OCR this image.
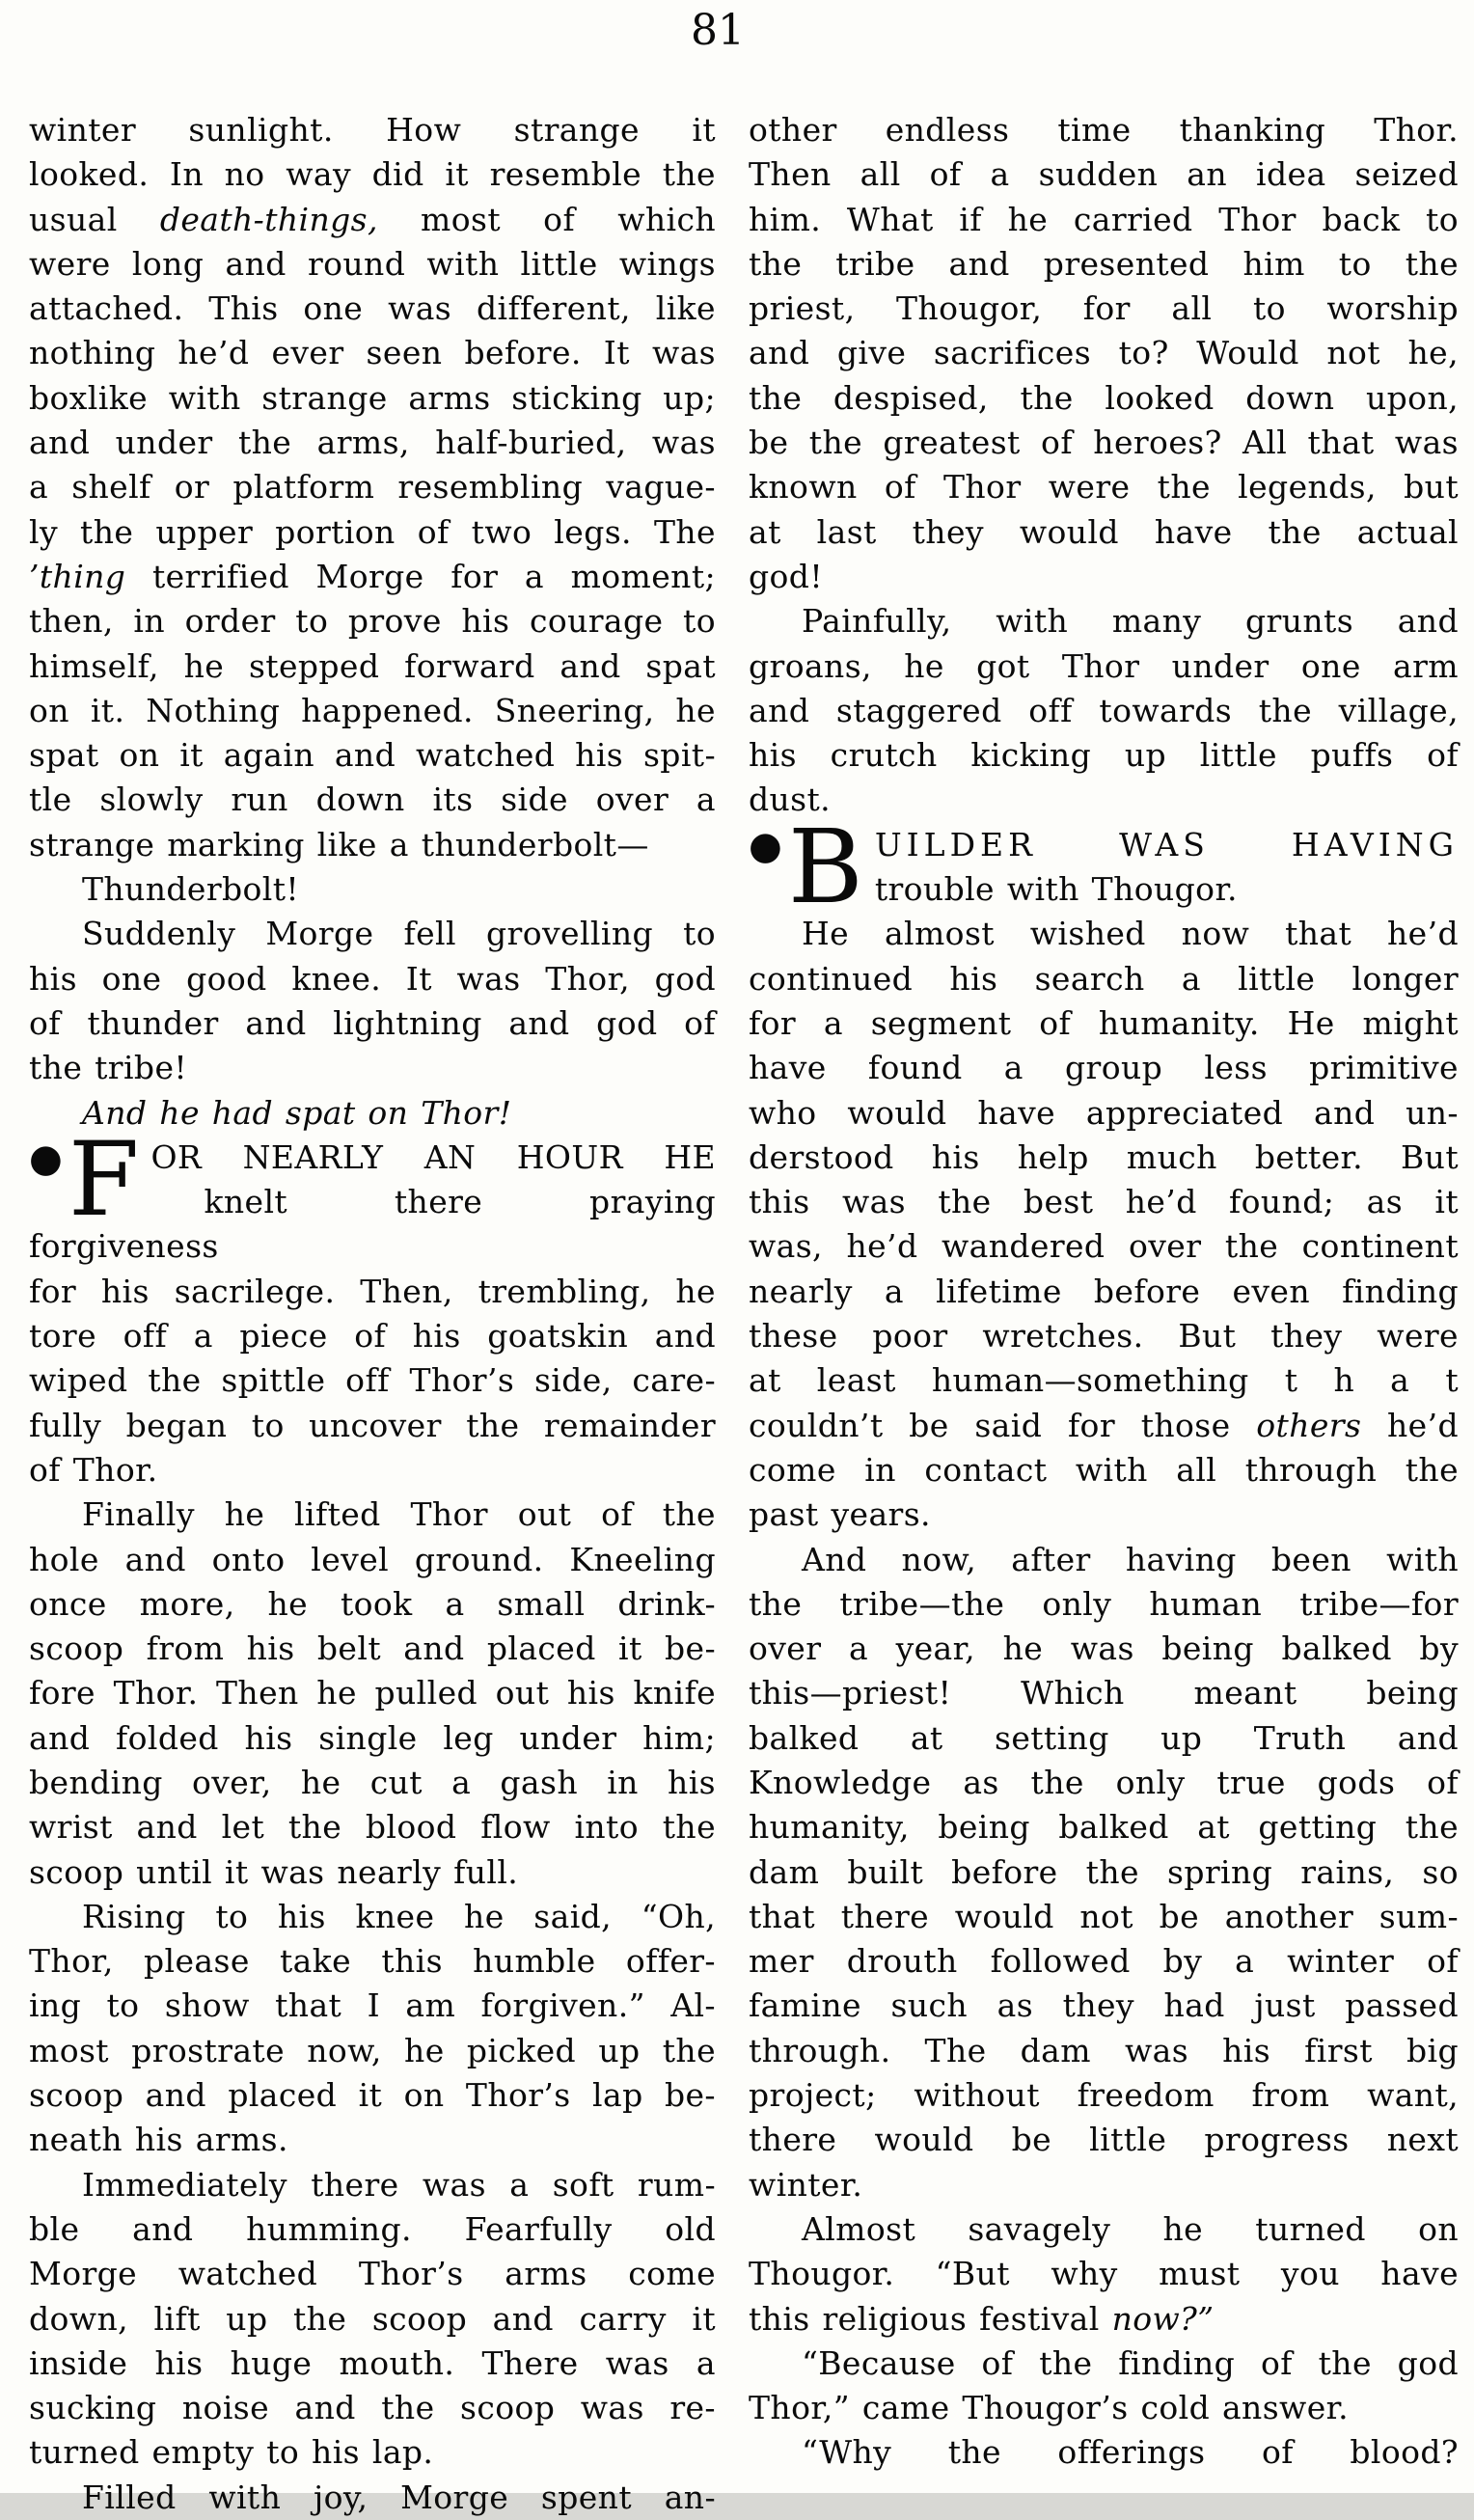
81
winter sunlight. How strange it
looked. In no way did it resemble the
usual death-things, most of which
were long and round with little wings
attached. This one was different, like
nothing he’d ever seen before. It was
boxlike with strange arms sticking up;
and under the arms, half-buried, was
a shelf or platform resembling vague-
ly the upper portion of two legs. The
’thing terrified Morge for a moment;
then, in order to prove his courage to
himself, he stepped forward and spat
on it. Nothing happened. Sneering, he
spat on it again and watched his spit-
tle slowly run down its side over a
strange marking like a thunderbolt—
Thunderbolt!
Suddenly Morge fell grovelling to
his one good knee. It was Thor, god
of thunder and lightning and god of
the tribe!
And he had spat on Thor!
● F OR NEARLY AN HOUR HE
knelt there praying forgiveness
for his sacrilege. Then, trembling, he
tore off a piece of his goatskin and
wiped the spittle off Thor’s side, care-
fully began to uncover the remainder
of Thor.
Finally he lifted Thor out of the
hole and onto level ground. Kneeling
once more, he took a small drink-
scoop from his belt and placed it be-
fore Thor. Then he pulled out his knife
and folded his single leg under him;
bending over, he cut a gash in his
wrist and let the blood flow into the
scoop until it was nearly full.
Rising to his knee he said, “Oh,
Thor, please take this humble offer-
ing to show that I am forgiven.” Al-
most prostrate now, he picked up the
scoop and placed it on Thor’s lap be-
neath his arms.
Immediately there was a soft rum-
ble and humming. Fearfully old
Morge watched Thor’s arms come
down, lift up the scoop and carry it
inside his huge mouth. There was a
sucking noise and the scoop was re-
turned empty to his lap.
Filled with joy, Morge spent an-
other endless time thanking Thor.
Then all of a sudden an idea seized
him. What if he carried Thor back to
the tribe and presented him to the
priest, Thougor, for all to worship
and give sacrifices to? Would not he,
the despised, the looked down upon,
be the greatest of heroes? All that was
known of Thor were the legends, but
at last they would have the actual
god!
Painfully, with many grunts and
groans, he got Thor under one arm
and staggered off towards the village,
his crutch kicking up little puffs of
dust.
● B UILDER WAS HAVING
trouble with Thougor.
He almost wished now that he’d
continued his search a little longer
for a segment of humanity. He might
have found a group less primitive
who would have appreciated and un-
derstood his help much better. But
this was the best he’d found; as it
was, he’d wandered over the continent
nearly a lifetime before even finding
these poor wretches. But they were
at least human—something t h a t
couldn’t be said for those others he’d
come in contact with all through the
past years.
And now, after having been with
the tribe—the only human tribe—for
over a year, he was being balked by
this—priest! Which meant being
balked at setting up Truth and
Knowledge as the only true gods of
humanity, being balked at getting the
dam built before the spring rains, so
that there would not be another sum-
mer drouth followed by a winter of
famine such as they had just passed
through. The dam was his first big
project; without freedom from want,
there would be little progress next
winter.
Almost savagely he turned on
Thougor. “But why must you have
this religious festival now?”
“Because of the finding of the god
Thor,” came Thougor’s cold answer.
“Why the offerings of blood?
